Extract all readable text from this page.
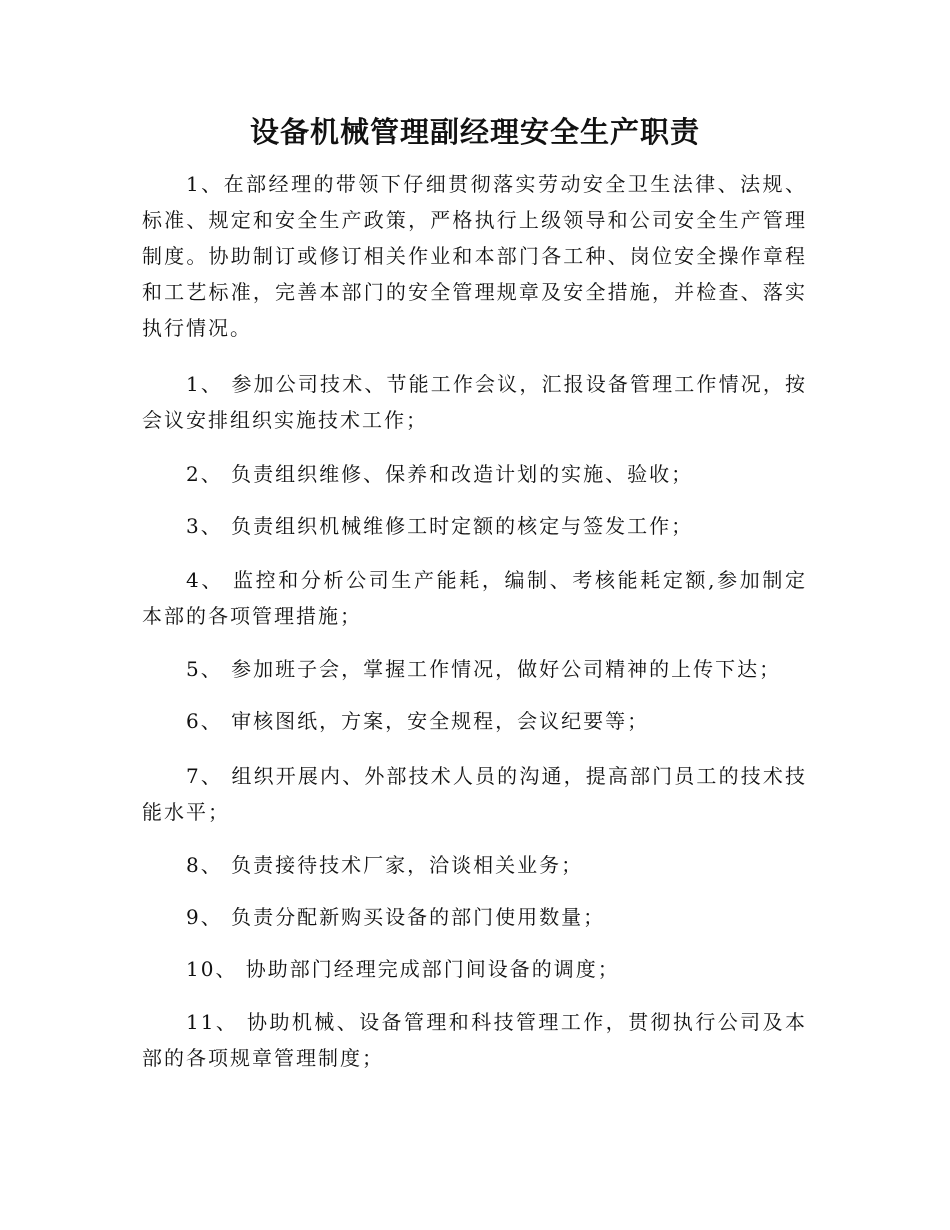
设备机械管理副经理安全生产职责

1、在部经理的带领下仔细贯彻落实劳动安全卫生法律、法规、标准、规定和安全生产政策，严格执行上级领导和公司安全生产管理制度。协助制订或修订相关作业和本部门各工种、岗位安全操作章程和工艺标准，完善本部门的安全管理规章及安全措施，并检查、落实执行情况。

1、 参加公司技术、节能工作会议，汇报设备管理工作情况，按会议安排组织实施技术工作；

2、 负责组织维修、保养和改造计划的实施、验收；

3、 负责组织机械维修工时定额的核定与签发工作；

4、 监控和分析公司生产能耗，编制、考核能耗定额,参加制定本部的各项管理措施；

5、 参加班子会，掌握工作情况，做好公司精神的上传下达；

6、 审核图纸，方案，安全规程，会议纪要等；

7、 组织开展内、外部技术人员的沟通，提高部门员工的技术技能水平；

8、 负责接待技术厂家，洽谈相关业务；

9、 负责分配新购买设备的部门使用数量；

10、 协助部门经理完成部门间设备的调度；

11、 协助机械、设备管理和科技管理工作，贯彻执行公司及本部的各项规章管理制度；
